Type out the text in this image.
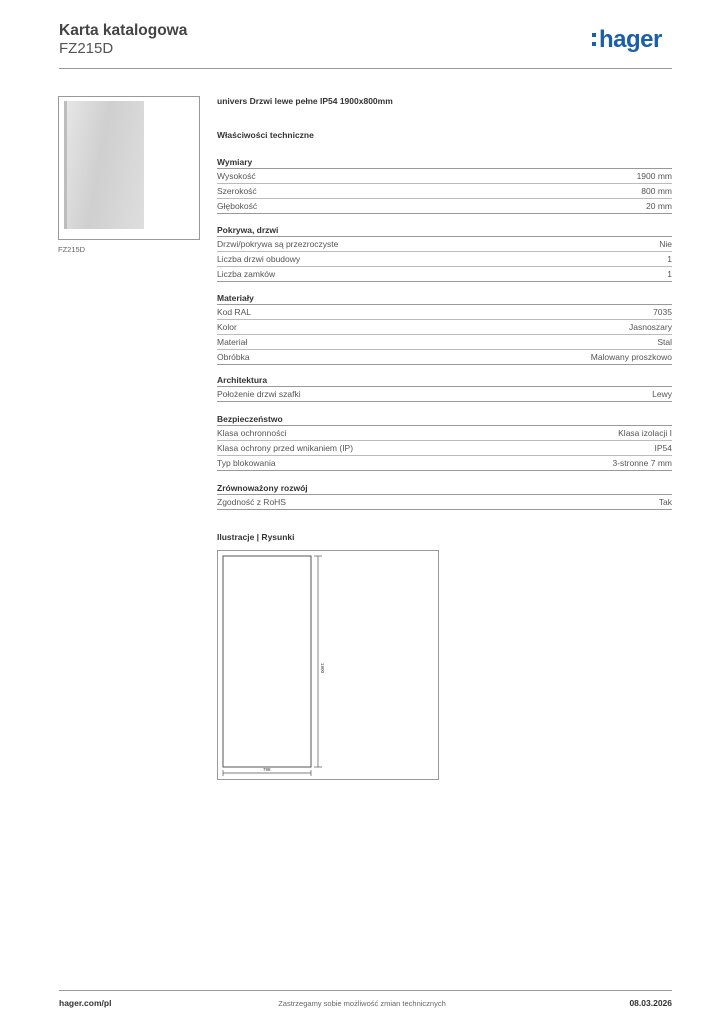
Karta katalogowa
FZ215D	hager
FZ215D
univers Drzwi lewe pełne IP54 1900x800mm
Właściwości techniczne
Wymiary
Wysokość	1900 mm
Szerokość	800 mm
Głębokość	20 mm
Pokrywa, drzwi
Drzwi/pokrywa są przezroczyste	Nie
Liczba drzwi obudowy	1
Liczba zamków	1
Materiały
Kod RAL	7035
Kolor	Jasnoszary
Materiał	Stal
Obróbka	Malowany proszkowo
Architektura
Położenie drzwi szafki	Lewy
Bezpieczeństwo
Klasa ochronności	Klasa izolacji I
Klasa ochrony przed wnikaniem (IP)	IP54
Typ blokowania	3-stronne 7 mm
Zrównoważony rozwój
Zgodność z RoHS	Tak
Ilustracje | Rysunki
1900
798
hager.com/pl	Zastrzegamy sobie możliwość zmian technicznych	08.03.2026
